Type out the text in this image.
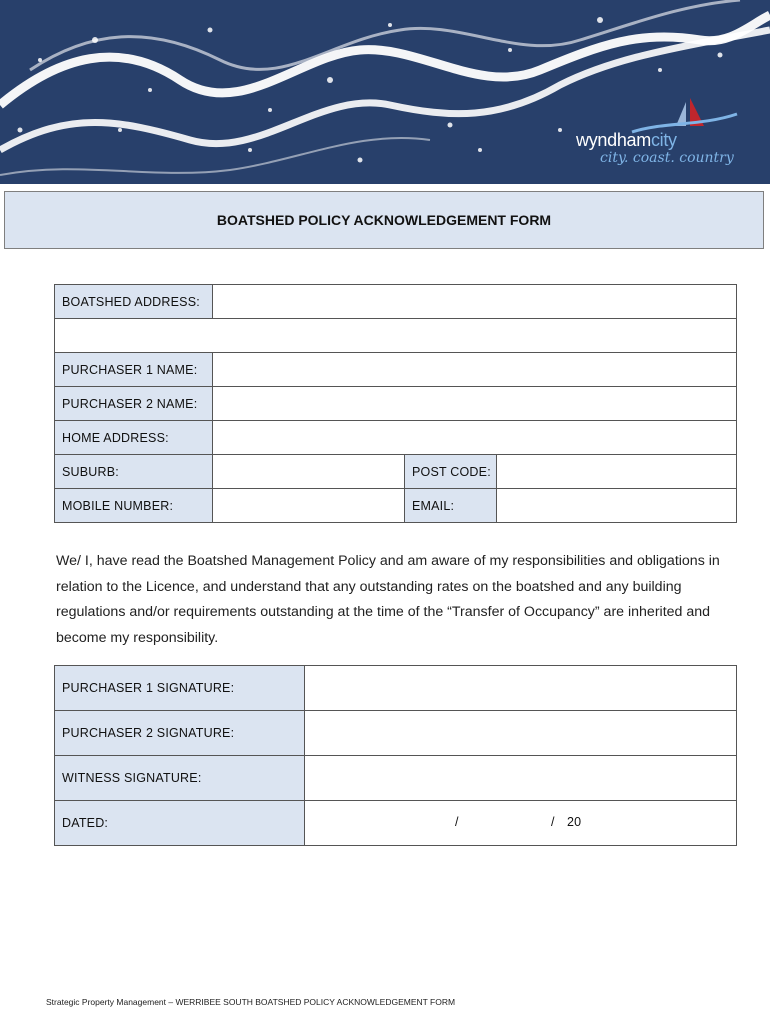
wyndhamcity
city. coast. country
BOATSHED POLICY ACKNOWLEDGEMENT FORM
BOATSHED ADDRESS:			

PURCHASER 1 NAME:			
PURCHASER 2 NAME:			
HOME ADDRESS:			
SUBURB:		POST CODE:	
MOBILE NUMBER:		EMAIL:	
We/ I, have read the Boatshed Management Policy and am aware of my responsibilities and obligations in relation to the Licence, and understand that any outstanding rates on the boatshed and any building regulations and/or requirements outstanding at the time of the “Transfer of Occupancy” are inherited and become my responsibility.
PURCHASER 1 SIGNATURE:	
PURCHASER 2 SIGNATURE:	
WITNESS SIGNATURE:	
DATED:	/ / 20
Strategic Property Management – WERRIBEE SOUTH BOATSHED POLICY ACKNOWLEDGEMENT FORM
